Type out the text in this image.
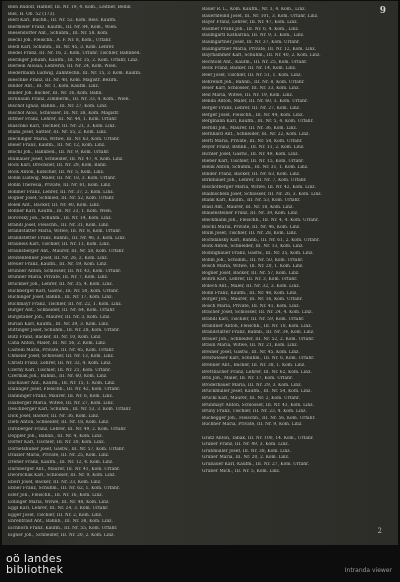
9
Bien Rudolf, Hafner, III. Nr. 19, 4. Kom., Leitner, Bellin
Biel, H. Ob. 52 (173).
Bierl Karl, Buchh., III. Nr. 52. Kom. Reis. Kaufm.
Biermeier Franz, Kaufm., III. Nr. 84, Kom., Wien.
Biesendorfer Ant., Schuhm., III. Nr. 58. Kom.
Biechl Joh. Fleischh., A. F. Nr. 8, Kom., Urfahr.
Biedl Karl, Schuhm., III. Nr. 45, 3. Kom. Lehrer.
Biedel Franz, III. Nr. 16, 2. Kom. Urfahr. Tischler, Bahnbed.
Bieringer Johann, Kaufm., III. Nr. 35, 2. Kom. Urfahr, Linz.
Bierlein Aloisia, Lehrerin, III. Nr. 24, Kom. Wien.
Biedermann Ludwig, Zahntechn. III. Nr. 15, 3. Kom. Kaufm.
Bieschke Franz, III. Nr. 48, Kom. Magistr. Bezirk.
Binder Ant., III. Nr. 1, Kom. Kaufm. Linz.
Binder Joh. Bäcker, III. Nr. 16, Kom. Bahn.
Birnbaum Franz, Zimmerm., III. Nr. 33, 4. Kom., Wien.
Bischof Ignaz, Bahnb., III. Nr. 27, Kom. Linz.
Bischof Alois, Schlosser, III. Nr. 38, Kom. Magistr.
Bittner Franz, Lehrer, III. Nr. 44, 1. Kom. Urfahr.
Blaschko Karl, Tischler, III. Nr. 21, 3. Kom. Linz.
Blaha Josef, Sattler, III. Nr. 55, 2. Kom. Linz.
Blechinger Maria, Witwe, III. Nr. 63, Kom. Urfahr.
Bleier Franz, Kaufm., III. Nr. 12, Kom. Linz.
Blöchl Joh., Bahnbed., III. Nr. 9, Kom. Urfahr.
Blumauer Josef, Schneider, III. Nr. 47, 4. Kom. Linz.
Bock Karl, Drechsler, III. Nr. 29, Kom. Bahn.
Böck Anton, Kutscher, III. Nr. 5, Kom. Linz.
Böhm Ludwig, Maler, III. Nr. 18, 3. Kom. Urfahr.
Böhm Theresia, Private, III. Nr. 61, Kom. Linz.
Böhmer Franz, Lehrer, III. Nr. 37, 2. Kom. Linz.
Bogner Josef, Schmied, III. Nr. 52, Kom. Urfahr.
Bolek Ant., Bäcker, III. Nr. 40, Kom. Linz.
Bonner Karl, Kaufm., III. Nr. 23, 1. Kom. Wien.
Borovsky Joh., Schuhm., III. Nr. 14, Kom. Linz.
Brandl Josef, Fleischh., III. Nr. 31, Kom. Linz.
Brandstätter Maria, Witwe, III. Nr. 8, Kom. Urfahr.
Brandstetter Franz, Bahnb., III. Nr. 46, 3. Kom. Linz.
Brauneis Karl, Tischler, III. Nr. 11, Kom. Linz.
Braunsberger Ant., Maurer, III. Nr. 58, Kom. Urfahr.
Breitenfellner Josef, III. Nr. 26, 2. Kom. Linz.
Breuer Franz, Kaufm., III. Nr. 19, Kom. Linz.
Brunner Anton, Schlosser, III. Nr. 43, Kom. Urfahr.
Brunner Maria, Private, III. Nr. 7, Kom. Linz.
Bruckner Joh., Lehrer, III. Nr. 35, 4. Kom. Linz.
Buchberger Karl, Gastw., III. Nr. 50, Kom. Urfahr.
Buchinger Josef, Bahnb., III. Nr. 17, Kom. Linz.
Buchmayr Franz, Tischler, III. Nr. 22, 1. Kom. Linz.
Bürger Ant., Schneider, III. Nr. 64, Kom. Urfahr.
Burgstaller Joh., Maurer, III. Nr. 3, Kom. Linz.
Burian Karl, Kaufm., III. Nr. 39, 3. Kom. Linz.
Buttinger Josef, Schuhm., III. Nr. 28, Kom. Urfahr.
Butz Franz, Bäcker, III. Nr. 10, Kom. Linz.
Caha Anton, Maler, III. Nr. 56, 2. Kom. Linz.
Castelli Maria, Private, III. Nr. 45, Kom. Urfahr.
Chmelar Josef, Schlosser, III. Nr. 13, Kom. Linz.
Christl Franz, Lehrer, III. Nr. 32, 4. Kom. Linz.
Czerny Karl, Tischler, III. Nr. 21, Kom. Urfahr.
Czermak Joh., Bahnb., III. Nr. 60, Kom. Linz.
Dachauer Ant., Kaufm., III. Nr. 15, 1. Kom. Linz.
Dallinger Josef, Fleischh., III. Nr. 42, Kom. Urfahr.
Danninger Franz, Maurer, III. Nr. 6, Kom. Linz.
Daxberger Maria, Witwe, III. Nr. 27, Kom. Linz.
Deschberger Karl, Schuhm., III. Nr. 53, 3. Kom. Urfahr.
Dick Josef, Bäcker, III. Nr. 36, Kom. Linz.
Dietl Anton, Schneider, III. Nr. 18, Kom. Linz.
Dirnberger Franz, Lehrer, III. Nr. 49, 2. Kom. Urfahr.
Doppler Joh., Bahnb., III. Nr. 4, Kom. Linz.
Dorfer Karl, Tischler, III. Nr. 30, Kom. Linz.
Dornetshuber Josef, Gastw., III. Nr. 57, Kom. Urfahr.
Draxler Maria, Private, III. Nr. 25, Kom. Linz.
Dreher Franz, Kaufm., III. Nr. 12, 4. Kom. Linz.
Dürnberger Ant., Maurer, III. Nr. 41, Kom. Urfahr.
Dworschak Karl, Schlosser, III. Nr. 9, Kom. Linz.
Eberl Josef, Bäcker, III. Nr. 33, Kom. Linz.
Ebner Franz, Schuhm., III. Nr. 62, 1. Kom. Urfahr.
Eder Joh., Fleischh., III. Nr. 16, Kom. Linz.
Edlinger Maria, Witwe, III. Nr. 48, Kom. Linz.
Eggl Karl, Lehrer, III. Nr. 24, 3. Kom. Urfahr.
Egger Josef, Tischler, III. Nr. 2, Kom. Linz.
Ehrentraut Ant., Bahnb., III. Nr. 38, Kom. Linz.
Eichhorn Franz, Kaufm., III. Nr. 55, Kom. Urfahr.
Eigner Joh., Schneider, III. Nr. 20, 2. Kom. Linz.
Bauer R. L., Kom. Kaufm., Nr. 3, 4. Kom., Linz.
Bauernfeind Josef, III. Nr. 101, 3. Kom. Urfahr, Linz.
Bayer Franz, Lehrer, III. Nr. 47, Kom. Linz.
Baumer Franz Joh., III. Nr. 6, 4. Kom., Linz.
Baumgartl Katharina, III. Nr. 9, 3. Kom., Linz.
Baumgartner Josef, III. Nr. 37, Kom. Urfahr.
Baumgartner Maria, Private, III. Nr. 12, Kom. Linz.
Bayrhammer Karl, Schuhm., III. Nr. 40, 2. Kom. Linz.
Bechtold Ant., Kaufm., III. Nr. 25, Kom. Urfahr.
Beck Franz, Bäcker, III. Nr. 14, Kom. Linz.
Beer Josef, Tischler, III. Nr. 51, 1. Kom. Linz.
Behrendt Joh., Bahnb., III. Nr. 8, Kom. Urfahr.
Beier Karl, Schlosser, III. Nr. 33, Kom. Linz.
Beil Maria, Witwe, III. Nr. 19, Kom. Linz.
Benda Anton, Maler, III. Nr. 60, 3. Kom. Urfahr.
Berger Franz, Lehrer, III. Nr. 27, Kom. Linz.
Berger Josef, Fleischh., III. Nr. 44, Kom. Linz.
Bergmann Karl, Kaufm., III. Nr. 5, 4. Kom. Urfahr.
Berndl Joh., Maurer, III. Nr. 36, Kom. Linz.
Bernhard Ant., Schneider, III. Nr. 22, Kom. Linz.
Bertl Maria, Private, III. Nr. 58, Kom. Urfahr.
Beyer Franz, Bahnb., III. Nr. 11, 2. Kom. Linz.
Bichler Josef, Gastw., III. Nr. 49, Kom. Linz.
Bieber Karl, Tischler, III. Nr. 15, Kom. Urfahr.
Bielik Anton, Schuhm., III. Nr. 31, 1. Kom. Linz.
Binder Franz, Bäcker, III. Nr. 63, Kom. Linz.
Birklbauer Joh., Lehrer, III. Nr. 7, Kom. Urfahr.
Bischofberger Maria, Witwe, III. Nr. 42, Kom. Linz.
Blaimschein Josef, Schlosser, III. Nr. 26, 3. Kom. Linz.
Blank Karl, Kaufm., III. Nr. 53, Kom. Urfahr.
Blasl Ant., Maurer, III. Nr. 18, Kom. Linz.
Blauensteiner Franz, III. Nr. 39, Kom. Linz.
Bleckmann Joh., Fleischh., III. Nr. 4, 4. Kom. Urfahr.
Blöchl Maria, Private, III. Nr. 46, Kom. Linz.
Blum Josef, Tischler, III. Nr. 28, Kom. Linz.
Bochdansky Karl, Bahnb., III. Nr. 61, 2. Kom. Urfahr.
Böck Anton, Schneider, III. Nr. 13, Kom. Linz.
Bodingbauer Franz, Gastw., III. Nr. 35, Kom. Linz.
Böhm Joh., Schuhm., III. Nr. 50, Kom. Urfahr.
Bösch Maria, Witwe, III. Nr. 20, 1. Kom. Linz.
Bogner Josef, Bäcker, III. Nr. 57, Kom. Linz.
Bohrn Karl, Lehrer, III. Nr. 3, Kom. Urfahr.
Bolech Ant., Maler, III. Nr. 32, 3. Kom. Linz.
Bonn Franz, Kaufm., III. Nr. 48, Kom. Linz.
Borger Joh., Maurer, III. Nr. 16, Kom. Urfahr.
Bosch Maria, Private, III. Nr. 41, Kom. Linz.
Bracher Josef, Schlosser, III. Nr. 24, 4. Kom. Linz.
Brandl Karl, Tischler, III. Nr. 59, Kom. Urfahr.
Brandner Anton, Fleischh., III. Nr. 10, Kom. Linz.
Brandstätter Franz, Bahnb., III. Nr. 34, Kom. Linz.
Brauer Joh., Schneider, III. Nr. 52, 2. Kom. Urfahr.
Braun Maria, Witwe, III. Nr. 21, Kom. Linz.
Breiner Josef, Gastw., III. Nr. 45, Kom. Linz.
Breitwieser Karl, Schuhm., III. Nr. 6, Kom. Urfahr.
Brenner Ant., Bäcker, III. Nr. 38, 1. Kom. Linz.
Brettbacher Franz, Lehrer, III. Nr. 62, Kom. Linz.
Brix Joh., Maler, III. Nr. 17, Kom. Urfahr.
Bröderbauer Maria, III. Nr. 29, 3. Kom. Linz.
Bruckmüller Josef, Kaufm., III. Nr. 54, Kom. Linz.
Brückl Karl, Maurer, III. Nr. 2, Kom. Urfahr.
Brunmayr Anton, Schlosser, III. Nr. 43, Kom. Linz.
Bruny Franz, Tischler, III. Nr. 23, 4. Kom. Linz.
Buchegger Joh., Fleischh., III. Nr. 56, Kom. Urfahr.
Buchner Maria, Private, III. Nr. 9, Kom. Linz.
Gratz Anton, Tabak, III. Nr. 100, 14. Kom., Urfahr.
Gruber Franz, III. Nr. 49, 3. Kom. Linz.
Grubmüller Josef, III. Nr. 38, Kom. Linz.
Grüner Maria, III. Nr. 20, 2. Kom. Linz.
Grubauer Karl, Kaufm., III. Nr. 27, Kom. Urfahr.
Gruber Mich., III. Nr. 5, Kom. Linz.
2
oö landes
bibliothek	Intranda viewer
